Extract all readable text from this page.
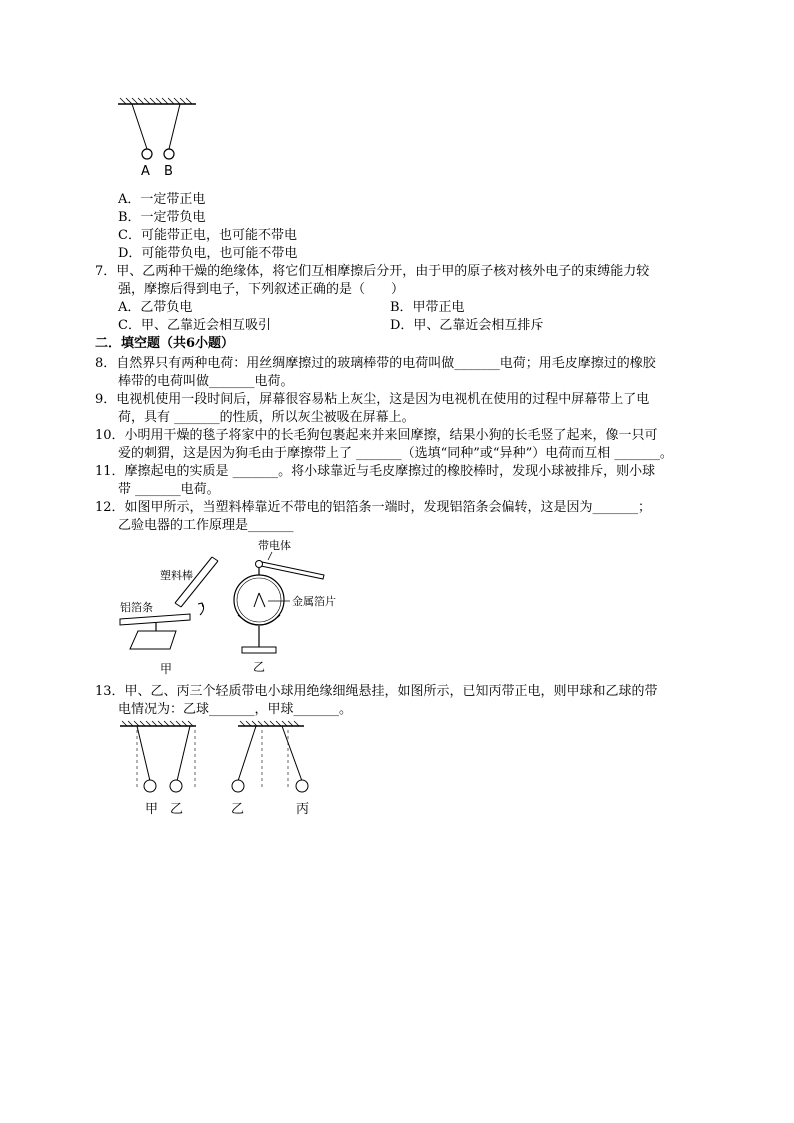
A B
A．一定带正电
B．一定带负电
C．可能带正电，也可能不带电
D．可能带负电，也可能不带电
7．甲、乙两种干燥的绝缘体，将它们互相摩擦后分开，由于甲的原子核对核外电子的束缚能力较
强，摩擦后得到电子，下列叙述正确的是（　　）
A．乙带负电	B．甲带正电
C．甲、乙靠近会相互吸引	D．甲、乙靠近会相互排斥
二．填空题（共6小题）
8．自然界只有两种电荷：用丝绸摩擦过的玻璃棒带的电荷叫做_______电荷；用毛皮摩擦过的橡胶
棒带的电荷叫做_______电荷。
9．电视机使用一段时间后，屏幕很容易粘上灰尘，这是因为电视机在使用的过程中屏幕带上了电
荷，具有 _______的性质，所以灰尘被吸在屏幕上。
10．小明用干燥的毯子将家中的长毛狗包裹起来并来回摩擦，结果小狗的长毛竖了起来，像一只可
爱的刺猬，这是因为狗毛由于摩擦带上了 _______（选填“同种”或“异种”）电荷而互相 _______。
11．摩擦起电的实质是 _______。将小球靠近与毛皮摩擦过的橡胶棒时，发现小球被排斥，则小球
带 _______电荷。
12．如图甲所示，当塑料棒靠近不带电的铝箔条一端时，发现铝箔条会偏转，这是因为_______；
乙验电器的工作原理是_______
塑料棒
铝箔条
甲
带电体
金属箔片
乙
13．甲、乙、丙三个轻质带电小球用绝缘细绳悬挂，如图所示，已知丙带正电，则甲球和乙球的带
电情况为：乙球_______，甲球_______。
甲 乙	乙	丙
